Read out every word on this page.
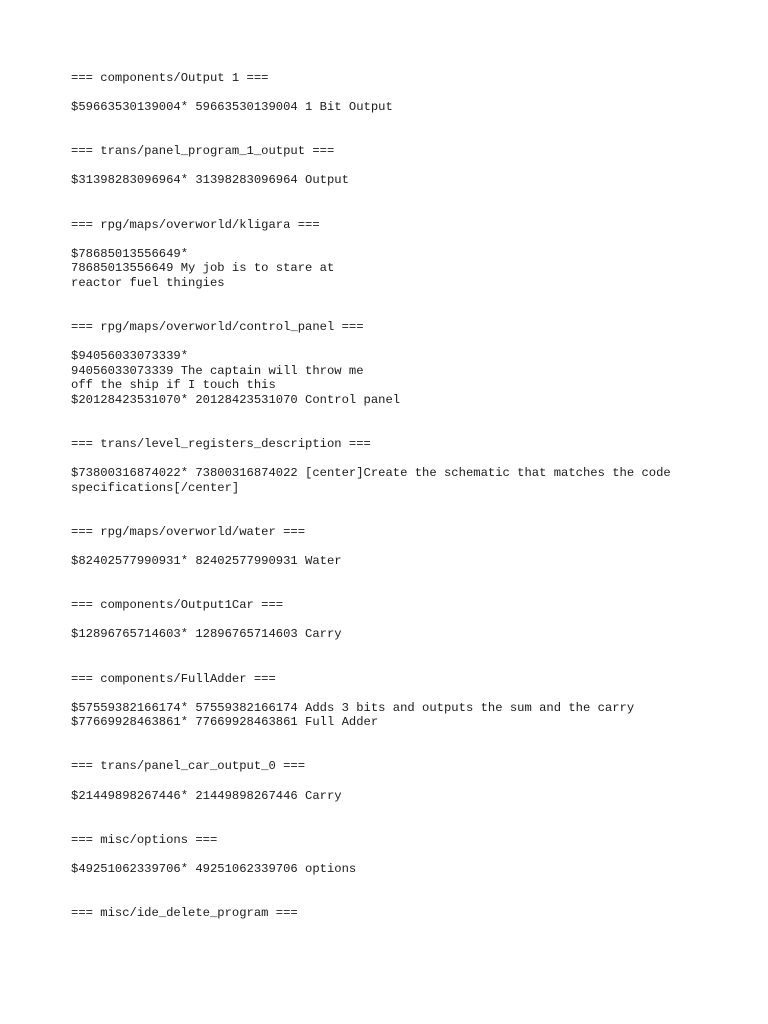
=== components/Output 1 ===
$59663530139004* 59663530139004 1 Bit Output
=== trans/panel_program_1_output ===
$31398283096964* 31398283096964 Output
=== rpg/maps/overworld/kligara ===
$78685013556649*
78685013556649 My job is to stare at
reactor fuel thingies
=== rpg/maps/overworld/control_panel ===
$94056033073339*
94056033073339 The captain will throw me
off the ship if I touch this
$20128423531070* 20128423531070 Control panel
=== trans/level_registers_description ===
$73800316874022* 73800316874022 [center]Create the schematic that matches the code
specifications[/center]
=== rpg/maps/overworld/water ===
$82402577990931* 82402577990931 Water
=== components/Output1Car ===
$12896765714603* 12896765714603 Carry
=== components/FullAdder ===
$57559382166174* 57559382166174 Adds 3 bits and outputs the sum and the carry
$77669928463861* 77669928463861 Full Adder
=== trans/panel_car_output_0 ===
$21449898267446* 21449898267446 Carry
=== misc/options ===
$49251062339706* 49251062339706 options
=== misc/ide_delete_program ===
